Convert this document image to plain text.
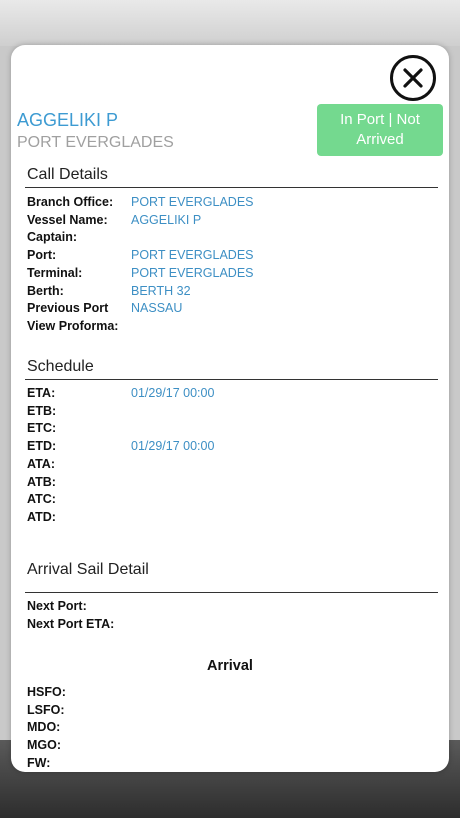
AGGELIKI P
PORT EVERGLADES
In Port | Not Arrived
Call Details
Branch Office: PORT EVERGLADES
Vessel Name: AGGELIKI P
Captain:
Port:	PORT EVERGLADES
Terminal:	PORT EVERGLADES
Berth:	BERTH 32
Previous Port NASSAU
View Proforma:
Schedule
ETA:	01/29/17 00:00
ETB:
ETC:
ETD:	01/29/17 00:00
ATA:
ATB:
ATC:
ATD:
Arrival Sail Detail
Next Port:
Next Port ETA:
Arrival
HSFO:
LSFO:
MDO:
MGO:
FW:
